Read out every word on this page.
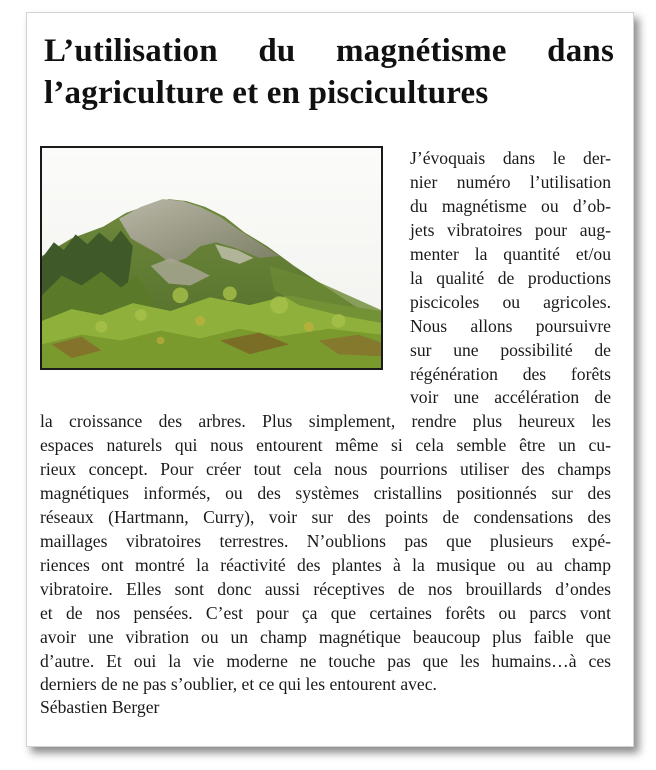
L’utilisation du magnétisme dans
l’agriculture et en piscicultures
J’évoquais dans le der-
nier numéro l’utilisation
du magnétisme ou d’ob-
jets vibratoires pour aug-
menter la quantité et/ou
la qualité de productions
piscicoles ou agricoles.
Nous allons poursuivre
sur une possibilité de
régénération des forêts
voir une accélération de
la croissance des arbres. Plus simplement, rendre plus heureux les
espaces naturels qui nous entourent même si cela semble être un cu-
rieux concept. Pour créer tout cela nous pourrions utiliser des champs
magnétiques informés, ou des systèmes cristallins positionnés sur des
réseaux (Hartmann, Curry), voir sur des points de condensations des
maillages vibratoires terrestres. N’oublions pas que plusieurs expé-
riences ont montré la réactivité des plantes à la musique ou au champ
vibratoire. Elles sont donc aussi réceptives de nos brouillards d’ondes
et de nos pensées. C’est pour ça que certaines forêts ou parcs vont
avoir une vibration ou un champ magnétique beaucoup plus faible que
d’autre. Et oui la vie moderne ne touche pas que les humains…à ces
derniers de ne pas s’oublier, et ce qui les entourent avec.
Sébastien Berger
